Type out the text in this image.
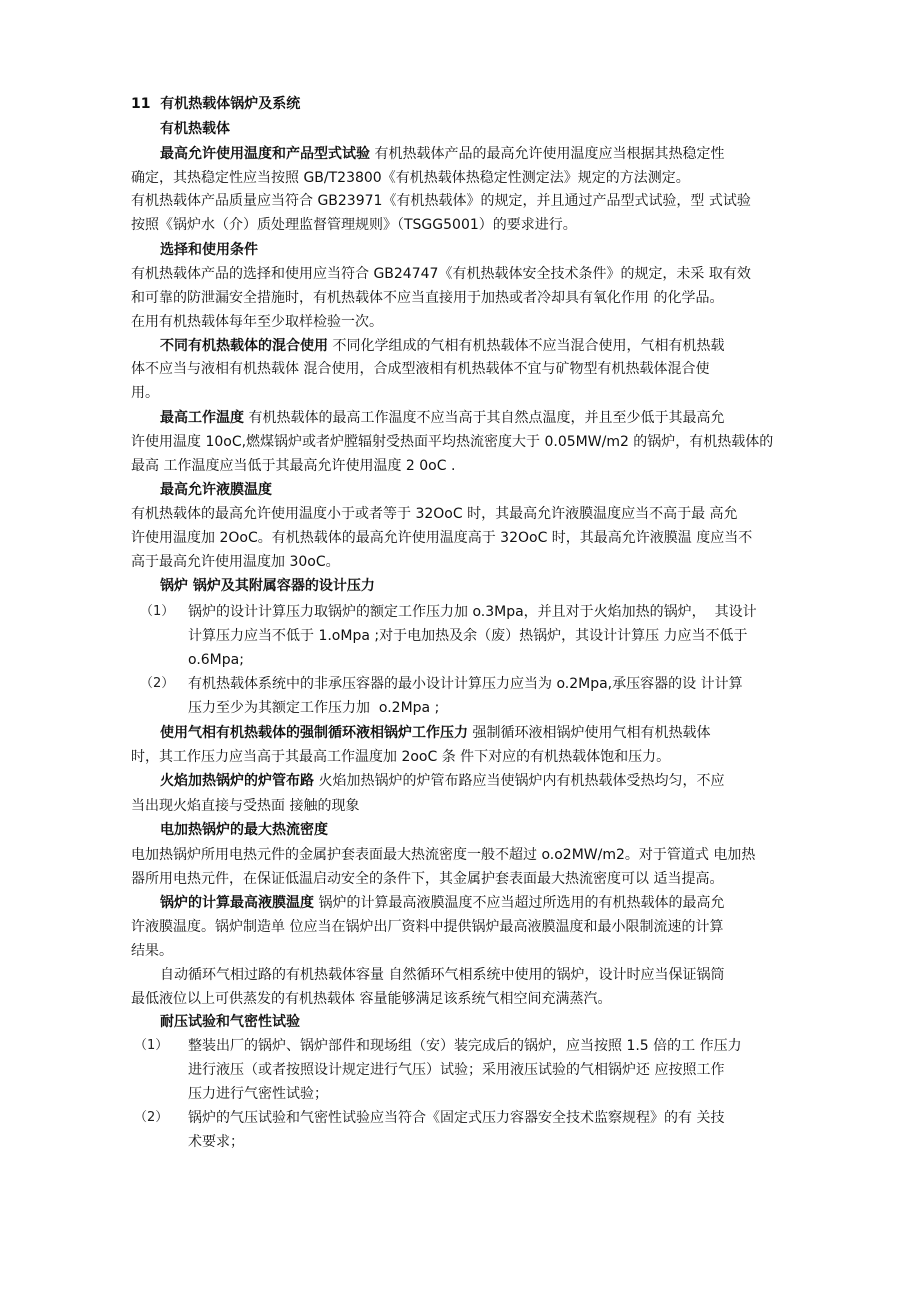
11  有机热载体锅炉及系统
有机热载体
最高允许使用温度和产品型式试验 有机热载体产品的最高允许使用温度应当根据其热稳定性
确定，其热稳定性应当按照 GB/T23800《有机热载体热稳定性测定法》规定的方法测定。
有机热载体产品质量应当符合 GB23971《有机热载体》的规定，并且通过产品型式试验，型 式试验
按照《锅炉水（介）质处理监督管理规则》（TSGG5001）的要求进行。
选择和使用条件
有机热载体产品的选择和使用应当符合 GB24747《有机热载体安全技术条件》的规定，未采 取有效
和可靠的防泄漏安全措施时，有机热载体不应当直接用于加热或者冷却具有氧化作用 的化学品。
在用有机热载体每年至少取样检验一次。
不同有机热载体的混合使用 不同化学组成的气相有机热载体不应当混合使用，气相有机热载
体不应当与液相有机热载体 混合使用，合成型液相有机热载体不宜与矿物型有机热载体混合使
用。
最高工作温度 有机热载体的最高工作温度不应当高于其自然点温度，并且至少低于其最高允
许使用温度 10oC,燃煤锅炉或者炉膛辐射受热面平均热流密度大于 0.05MW/m2 的锅炉，有机热载体的
最高 工作温度应当低于其最高允许使用温度 2 0oC .
最高允许液膜温度
有机热载体的最高允许使用温度小于或者等于 32OoC 时，其最高允许液膜温度应当不高于最 高允
许使用温度加 2OoC。有机热载体的最高允许使用温度高于 32OoC 时，其最高允许液膜温 度应当不
高于最高允许使用温度加 30oC。
锅炉 锅炉及其附属容器的设计压力
锅炉的设计计算压力取锅炉的额定工作压力加 o.3Mpa，并且对于火焰加热的锅炉，  其设计
（1）
计算压力应当不低于 1.oMpa ;对于电加热及余（废）热锅炉，其设计计算压 力应当不低于
o.6Mpa;
有机热载体系统中的非承压容器的最小设计计算压力应当为 o.2Mpa,承压容器的设 计计算
（2）
压力至少为其额定工作压力加  o.2Mpa ;
使用气相有机热载体的强制循环液相锅炉工作压力 强制循环液相锅炉使用气相有机热载体
时，其工作压力应当高于其最高工作温度加 2ooC 条 件下对应的有机热载体饱和压力。
火焰加热锅炉的炉管布路 火焰加热锅炉的炉管布路应当使锅炉内有机热载体受热均匀，不应
当出现火焰直接与受热面 接触的现象
电加热锅炉的最大热流密度
电加热锅炉所用电热元件的金属护套表面最大热流密度一般不超过 o.o2MW/m2。对于管道式 电加热
器所用电热元件，在保证低温启动安全的条件下，其金属护套表面最大热流密度可以 适当提高。
锅炉的计算最高液膜温度 锅炉的计算最高液膜温度不应当超过所选用的有机热载体的最高允
许液膜温度。锅炉制造单 位应当在锅炉出厂资料中提供锅炉最高液膜温度和最小限制流速的计算
结果。
自动循环气相过路的有机热载体容量 自然循环气相系统中使用的锅炉，设计时应当保证锅筒
最低液位以上可供蒸发的有机热载体 容量能够满足该系统气相空间充满蒸汽。
耐压试验和气密性试验
整装出厂的锅炉、锅炉部件和现场组（安）装完成后的锅炉，应当按照 1.5 倍的工 作压力
（1）
进行液压（或者按照设计规定进行气压）试验；采用液压试验的气相锅炉还 应按照工作
压力进行气密性试验；
锅炉的气压试验和气密性试验应当符合《固定式压力容器安全技术监察规程》的有 关技
（2）
术要求；
